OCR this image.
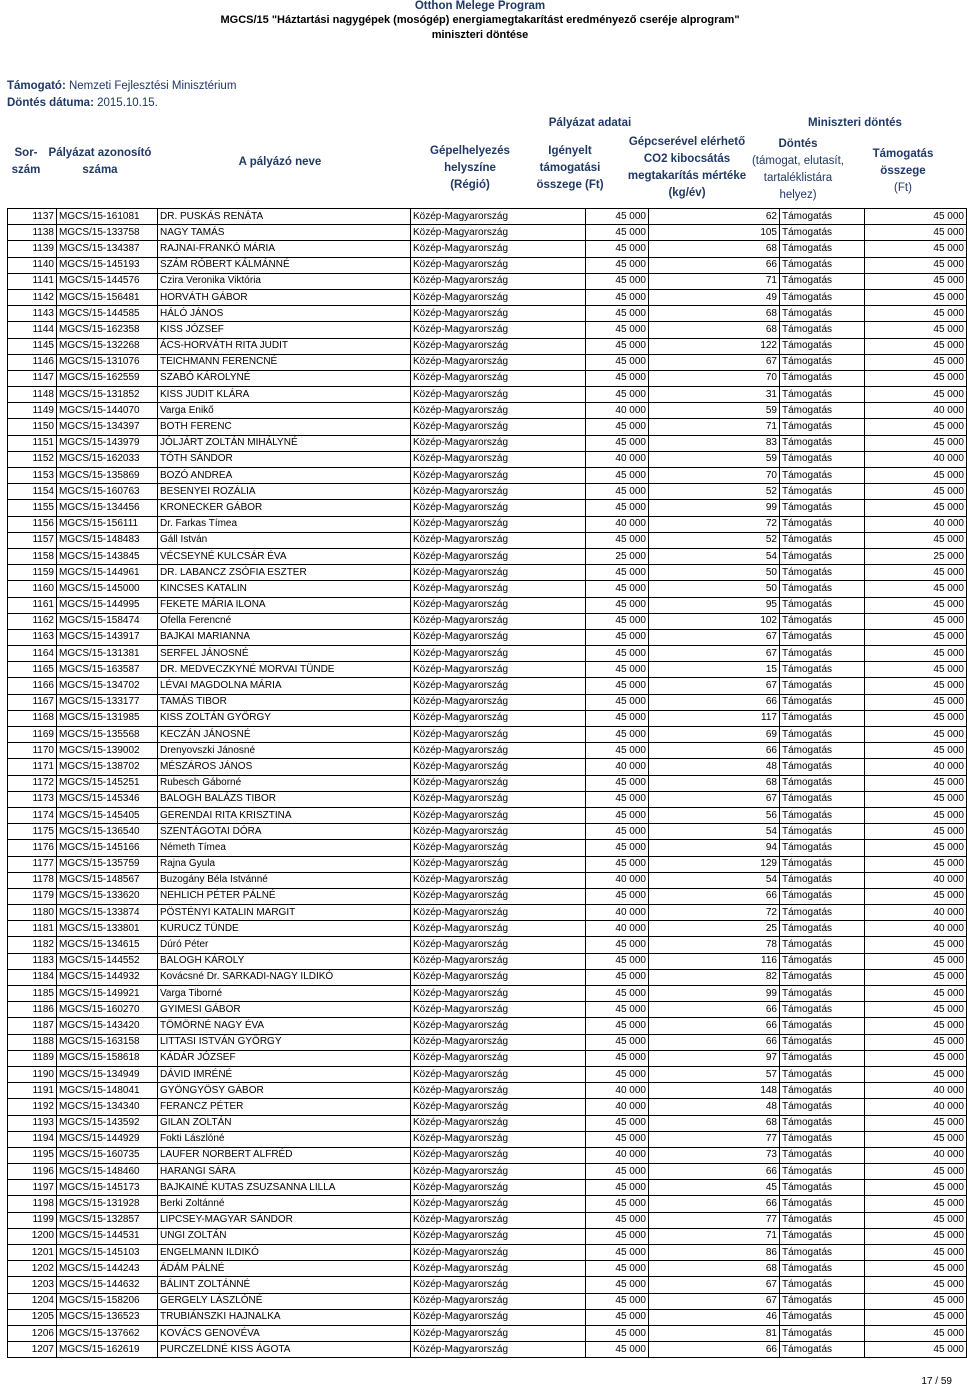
Otthon Melege Program
MGCS/15 "Háztartási nagygépek (mosógép) energiamegtakarítást eredményező cseréje alprogram"
miniszteri döntése
Támogató: Nemzeti Fejlesztési Minisztérium
Döntés dátuma: 2015.10.15.
Pályázat adatai	Miniszteri döntés
Sor-
szám
Pályázat azonosító
száma
A pályázó neve
Gépelhelyezés
helyszíne
(Régió)
Igényelt
támogatási
összege (Ft)
Gépcserével elérhető
CO2 kibocsátás
megtakarítás mértéke
(kg/év)
Döntés
(támogat, elutasít,
tartaléklistára
helyez)
Támogatás
összege
(Ft)
1137	MGCS/15-161081	DR. PUSKÁS RENÁTA	Közép-Magyarország	45 000	62	Támogatás	45 000
1138	MGCS/15-133758	NAGY TAMÁS	Közép-Magyarország	45 000	105	Támogatás	45 000
1139	MGCS/15-134387	RAJNAI-FRANKÓ MÁRIA	Közép-Magyarország	45 000	68	Támogatás	45 000
1140	MGCS/15-145193	SZÁM RÓBERT KÁLMÁNNÉ	Közép-Magyarország	45 000	66	Támogatás	45 000
1141	MGCS/15-144576	Czira Veronika Viktória	Közép-Magyarország	45 000	71	Támogatás	45 000
1142	MGCS/15-156481	HORVÁTH GÁBOR	Közép-Magyarország	45 000	49	Támogatás	45 000
1143	MGCS/15-144585	HÁLÓ JÁNOS	Közép-Magyarország	45 000	68	Támogatás	45 000
1144	MGCS/15-162358	KISS JÓZSEF	Közép-Magyarország	45 000	68	Támogatás	45 000
1145	MGCS/15-132268	ÁCS-HORVÁTH RITA JUDIT	Közép-Magyarország	45 000	122	Támogatás	45 000
1146	MGCS/15-131076	TEICHMANN FERENCNÉ	Közép-Magyarország	45 000	67	Támogatás	45 000
1147	MGCS/15-162559	SZABÓ KÁROLYNÉ	Közép-Magyarország	45 000	70	Támogatás	45 000
1148	MGCS/15-131852	KISS JUDIT KLÁRA	Közép-Magyarország	45 000	31	Támogatás	45 000
1149	MGCS/15-144070	Varga Enikő	Közép-Magyarország	40 000	59	Támogatás	40 000
1150	MGCS/15-134397	BOTH FERENC	Közép-Magyarország	45 000	71	Támogatás	45 000
1151	MGCS/15-143979	JÓLJÁRT ZOLTÁN MIHÁLYNÉ	Közép-Magyarország	45 000	83	Támogatás	45 000
1152	MGCS/15-162033	TÓTH SÁNDOR	Közép-Magyarország	40 000	59	Támogatás	40 000
1153	MGCS/15-135869	BOZÓ ANDREA	Közép-Magyarország	45 000	70	Támogatás	45 000
1154	MGCS/15-160763	BESENYEI ROZÁLIA	Közép-Magyarország	45 000	52	Támogatás	45 000
1155	MGCS/15-134456	KRONECKER GÁBOR	Közép-Magyarország	45 000	99	Támogatás	45 000
1156	MGCS/15-156111	Dr. Farkas Tímea	Közép-Magyarország	40 000	72	Támogatás	40 000
1157	MGCS/15-148483	Gáll István	Közép-Magyarország	45 000	52	Támogatás	45 000
1158	MGCS/15-143845	VÉCSEYNÉ KULCSÁR ÉVA	Közép-Magyarország	25 000	54	Támogatás	25 000
1159	MGCS/15-144961	DR. LABANCZ ZSÓFIA ESZTER	Közép-Magyarország	45 000	50	Támogatás	45 000
1160	MGCS/15-145000	KINCSES KATALIN	Közép-Magyarország	45 000	50	Támogatás	45 000
1161	MGCS/15-144995	FEKETE MÁRIA ILONA	Közép-Magyarország	45 000	95	Támogatás	45 000
1162	MGCS/15-158474	Ofella Ferencné	Közép-Magyarország	45 000	102	Támogatás	45 000
1163	MGCS/15-143917	BAJKAI MARIANNA	Közép-Magyarország	45 000	67	Támogatás	45 000
1164	MGCS/15-131381	SERFEL JÁNOSNÉ	Közép-Magyarország	45 000	67	Támogatás	45 000
1165	MGCS/15-163587	DR. MEDVECZKYNÉ MORVAI TÜNDE	Közép-Magyarország	45 000	15	Támogatás	45 000
1166	MGCS/15-134702	LÉVAI MAGDOLNA MÁRIA	Közép-Magyarország	45 000	67	Támogatás	45 000
1167	MGCS/15-133177	TAMÁS TIBOR	Közép-Magyarország	45 000	66	Támogatás	45 000
1168	MGCS/15-131985	KISS ZOLTÁN GYÖRGY	Közép-Magyarország	45 000	117	Támogatás	45 000
1169	MGCS/15-135568	KECZÁN JÁNOSNÉ	Közép-Magyarország	45 000	69	Támogatás	45 000
1170	MGCS/15-139002	Drenyovszki Jánosné	Közép-Magyarország	45 000	66	Támogatás	45 000
1171	MGCS/15-138702	MÉSZÁROS JÁNOS	Közép-Magyarország	40 000	48	Támogatás	40 000
1172	MGCS/15-145251	Rubesch Gáborné	Közép-Magyarország	45 000	68	Támogatás	45 000
1173	MGCS/15-145346	BALOGH BALÁZS TIBOR	Közép-Magyarország	45 000	67	Támogatás	45 000
1174	MGCS/15-145405	GERENDAI RITA KRISZTINA	Közép-Magyarország	45 000	56	Támogatás	45 000
1175	MGCS/15-136540	SZENTÁGOTAI DÓRA	Közép-Magyarország	45 000	54	Támogatás	45 000
1176	MGCS/15-145166	Németh Tímea	Közép-Magyarország	45 000	94	Támogatás	45 000
1177	MGCS/15-135759	Rajna Gyula	Közép-Magyarország	45 000	129	Támogatás	45 000
1178	MGCS/15-148567	Buzogány Béla Istvánné	Közép-Magyarország	40 000	54	Támogatás	40 000
1179	MGCS/15-133620	NEHLICH PÉTER PÁLNÉ	Közép-Magyarország	45 000	66	Támogatás	45 000
1180	MGCS/15-133874	PÖSTÉNYI KATALIN MARGIT	Közép-Magyarország	40 000	72	Támogatás	40 000
1181	MGCS/15-133801	KURUCZ TÜNDE	Közép-Magyarország	40 000	25	Támogatás	40 000
1182	MGCS/15-134615	Dúró Péter	Közép-Magyarország	45 000	78	Támogatás	45 000
1183	MGCS/15-144552	BALOGH KÁROLY	Közép-Magyarország	45 000	116	Támogatás	45 000
1184	MGCS/15-144932	Kovácsné Dr. SARKADI-NAGY ILDIKÓ	Közép-Magyarország	45 000	82	Támogatás	45 000
1185	MGCS/15-149921	Varga Tiborné	Közép-Magyarország	45 000	99	Támogatás	45 000
1186	MGCS/15-160270	GYIMESI GÁBOR	Közép-Magyarország	45 000	66	Támogatás	45 000
1187	MGCS/15-143420	TÖMÖRNÉ NAGY ÉVA	Közép-Magyarország	45 000	66	Támogatás	45 000
1188	MGCS/15-163158	LITTASI ISTVÁN GYÖRGY	Közép-Magyarország	45 000	66	Támogatás	45 000
1189	MGCS/15-158618	KÁDÁR JÓZSEF	Közép-Magyarország	45 000	97	Támogatás	45 000
1190	MGCS/15-134949	DÁVID IMRÉNÉ	Közép-Magyarország	45 000	57	Támogatás	45 000
1191	MGCS/15-148041	GYÖNGYÖSY GÁBOR	Közép-Magyarország	40 000	148	Támogatás	40 000
1192	MGCS/15-134340	FERANCZ PÉTER	Közép-Magyarország	40 000	48	Támogatás	40 000
1193	MGCS/15-143592	GILAN ZOLTÁN	Közép-Magyarország	45 000	68	Támogatás	45 000
1194	MGCS/15-144929	Fokti Lászlóné	Közép-Magyarország	45 000	77	Támogatás	45 000
1195	MGCS/15-160735	LAUFER NORBERT ALFRÉD	Közép-Magyarország	40 000	73	Támogatás	40 000
1196	MGCS/15-148460	HARANGI SÁRA	Közép-Magyarország	45 000	66	Támogatás	45 000
1197	MGCS/15-145173	BAJKAINÉ KUTAS ZSUZSANNA LILLA	Közép-Magyarország	45 000	45	Támogatás	45 000
1198	MGCS/15-131928	Berki Zoltánné	Közép-Magyarország	45 000	66	Támogatás	45 000
1199	MGCS/15-132857	LIPCSEY-MAGYAR SÁNDOR	Közép-Magyarország	45 000	77	Támogatás	45 000
1200	MGCS/15-144531	UNGI ZOLTÁN	Közép-Magyarország	45 000	71	Támogatás	45 000
1201	MGCS/15-145103	ENGELMANN ILDIKÓ	Közép-Magyarország	45 000	86	Támogatás	45 000
1202	MGCS/15-144243	ÁDÁM PÁLNÉ	Közép-Magyarország	45 000	68	Támogatás	45 000
1203	MGCS/15-144632	BÁLINT ZOLTÁNNÉ	Közép-Magyarország	45 000	67	Támogatás	45 000
1204	MGCS/15-158206	GERGELY LÁSZLÓNÉ	Közép-Magyarország	45 000	67	Támogatás	45 000
1205	MGCS/15-136523	TRUBIÁNSZKI HAJNALKA	Közép-Magyarország	45 000	46	Támogatás	45 000
1206	MGCS/15-137662	KOVÁCS GENOVÉVA	Közép-Magyarország	45 000	81	Támogatás	45 000
1207	MGCS/15-162619	PURCZELDNÉ KISS ÁGOTA	Közép-Magyarország	45 000	66	Támogatás	45 000
17 / 59
